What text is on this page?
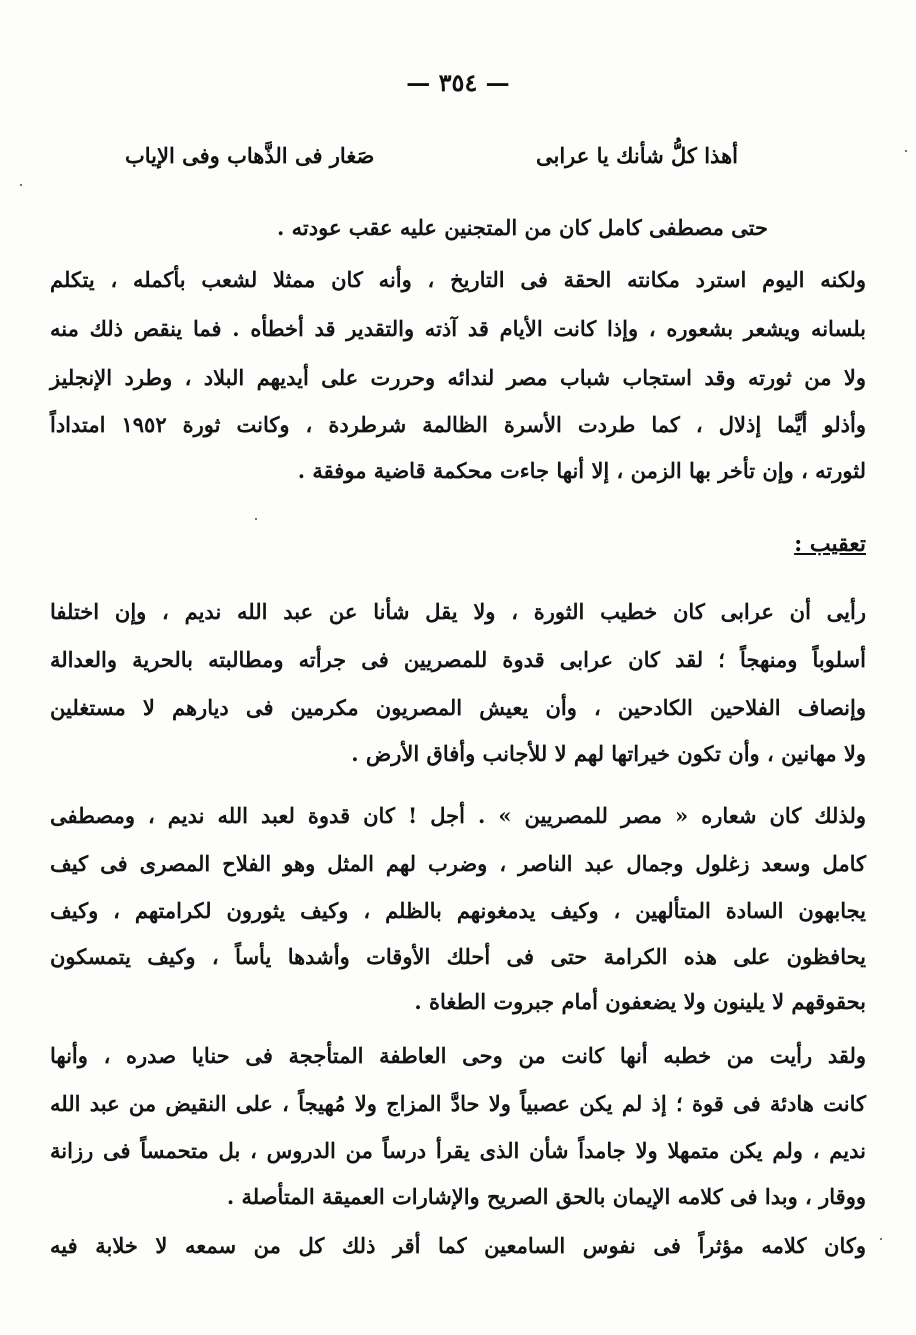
— ٣٥٤ —
أهذا كلُّ شأنك يا عرابى
صَغار فى الذَّهاب وفى الإياب
حتى مصطفى كامل كان من المتجنين عليه عقب عودته .
ولكنه اليوم استرد مكانته الحقة فى التاريخ ، وأنه كان ممثلا لشعب بأكمله ، يتكلم
بلسانه ويشعر بشعوره ، وإذا كانت الأيام قد آذته والتقدير قد أخطأه . فما ينقص ذلك منه
ولا من ثورته وقد استجاب شباب مصر لندائه وحررت على أيديهم البلاد ، وطرد الإنجليز
وأذلو أيَّما إذلال ، كما طردت الأسرة الظالمة شرطردة ، وكانت ثورة ١٩٥٢ امتداداً
لثورته ، وإن تأخر بها الزمن ، إلا أنها جاءت محكمة قاضية موفقة .
تعقيب :
رأيى أن عرابى كان خطيب الثورة ، ولا يقل شأنا عن عبد الله نديم ، وإن اختلفا
أسلوباً ومنهجاً ؛ لقد كان عرابى قدوة للمصريين فى جرأته ومطالبته بالحرية والعدالة
وإنصاف الفلاحين الكادحين ، وأن يعيش المصريون مكرمين فى ديارهم لا مستغلين
ولا مهانين ، وأن تكون خيراتها لهم لا للأجانب وأفاق الأرض .
ولذلك كان شعاره « مصر للمصريين » . أجل ! كان قدوة لعبد الله نديم ، ومصطفى
كامل وسعد زغلول وجمال عبد الناصر ، وضرب لهم المثل وهو الفلاح المصرى فى كيف
يجابهون السادة المتألهين ، وكيف يدمغونهم بالظلم ، وكيف يثورون لكرامتهم ، وكيف
يحافظون على هذه الكرامة حتى فى أحلك الأوقات وأشدها يأساً ، وكيف يتمسكون
بحقوقهم لا يلينون ولا يضعفون أمام جبروت الطغاة .
ولقد رأيت من خطبه أنها كانت من وحى العاطفة المتأججة فى حنايا صدره ، وأنها
كانت هادئة فى قوة ؛ إذ لم يكن عصبياً ولا حادَّ المزاج ولا مُهيجاً ، على النقيض من عبد الله
نديم ، ولم يكن متمهلا ولا جامداً شأن الذى يقرأ درساً من الدروس ، بل متحمساً فى رزانة
ووقار ، وبدا فى كلامه الإيمان بالحق الصريح والإشارات العميقة المتأصلة .
وكان كلامه مؤثراً فى نفوس السامعين كما أقر ذلك كل من سمعه لا خلابة فيه
